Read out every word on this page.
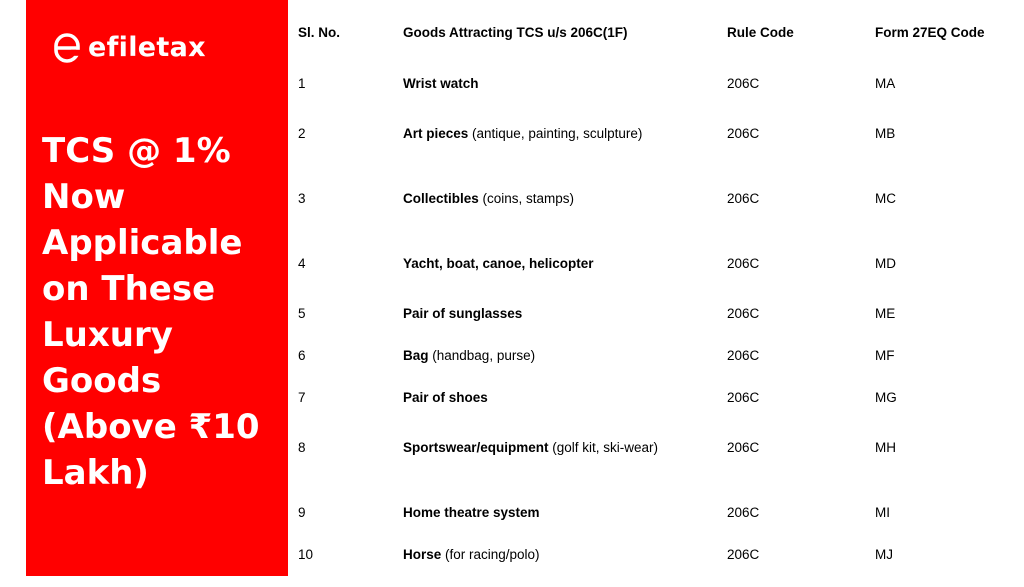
efiletax
TCS @ 1%
Now
Applicable
on These
Luxury
Goods
(Above ₹10
Lakh)
Sl. No.	Goods Attracting TCS u/s 206C(1F)	Rule Code	Form 27EQ Code
1	Wrist watch	206C	MA
2	Art pieces (antique, painting, sculpture)	206C	MB
3	Collectibles (coins, stamps)	206C	MC
4	Yacht, boat, canoe, helicopter	206C	MD
5	Pair of sunglasses	206C	ME
6	Bag (handbag, purse)	206C	MF
7	Pair of shoes	206C	MG
8	Sportswear/equipment (golf kit, ski-wear)	206C	MH
9	Home theatre system	206C	MI
10	Horse (for racing/polo)	206C	MJ
